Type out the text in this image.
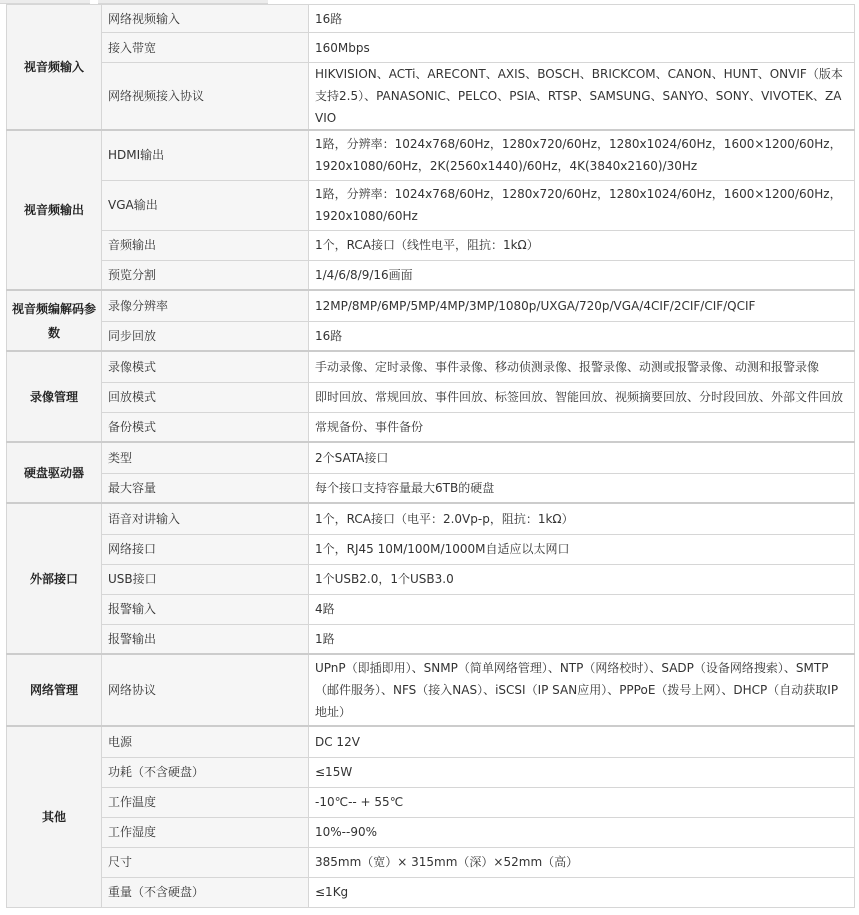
视音频输入	网络视频输入	16路
	接入带宽	160Mbps
	网络视频接入协议	HIKVISION、ACTi、ARECONT、AXIS、BOSCH、BRICKCOM、CANON、HUNT、ONVIF（版本支持2.5）、PANASONIC、PELCO、PSIA、RTSP、SAMSUNG、SANYO、SONY、VIVOTEK、ZAVIO
视音频输出	HDMI输出	1路，分辨率：1024x768/60Hz，1280x720/60Hz，1280x1024/60Hz，1600×1200/60Hz，1920x1080/60Hz，2K(2560x1440)/60Hz，4K(3840x2160)/30Hz
	VGA输出	1路，分辨率：1024x768/60Hz，1280x720/60Hz，1280x1024/60Hz，1600×1200/60Hz，1920x1080/60Hz
	音频输出	1个，RCA接口（线性电平，阻抗：1kΩ）
	预览分割	1/4/6/8/9/16画面
视音频编解码参数	录像分辨率	12MP/8MP/6MP/5MP/4MP/3MP/1080p/UXGA/720p/VGA/4CIF/2CIF/CIF/QCIF
	同步回放	16路
录像管理	录像模式	手动录像、定时录像、事件录像、移动侦测录像、报警录像、动测或报警录像、动测和报警录像
	回放模式	即时回放、常规回放、事件回放、标签回放、智能回放、视频摘要回放、分时段回放、外部文件回放
	备份模式	常规备份、事件备份
硬盘驱动器	类型	2个SATA接口
	最大容量	每个接口支持容量最大6TB的硬盘
外部接口	语音对讲输入	1个，RCA接口（电平：2.0Vp-p，阻抗：1kΩ）
	网络接口	1个，RJ45 10M/100M/1000M自适应以太网口
	USB接口	1个USB2.0，1个USB3.0
	报警输入	4路
	报警输出	1路
网络管理	网络协议	UPnP（即插即用）、SNMP（简单网络管理）、NTP（网络校时）、SADP（设备网络搜索）、SMTP（邮件服务）、NFS（接入NAS）、iSCSI（IP SAN应用）、PPPoE（拨号上网）、DHCP（自动获取IP地址）
其他	电源	DC 12V
	功耗（不含硬盘）	≤15W
	工作温度	-10℃-- + 55℃
	工作湿度	10%--90%
	尺寸	385mm（宽）× 315mm（深）×52mm（高）
	重量（不含硬盘）	≤1Kg
